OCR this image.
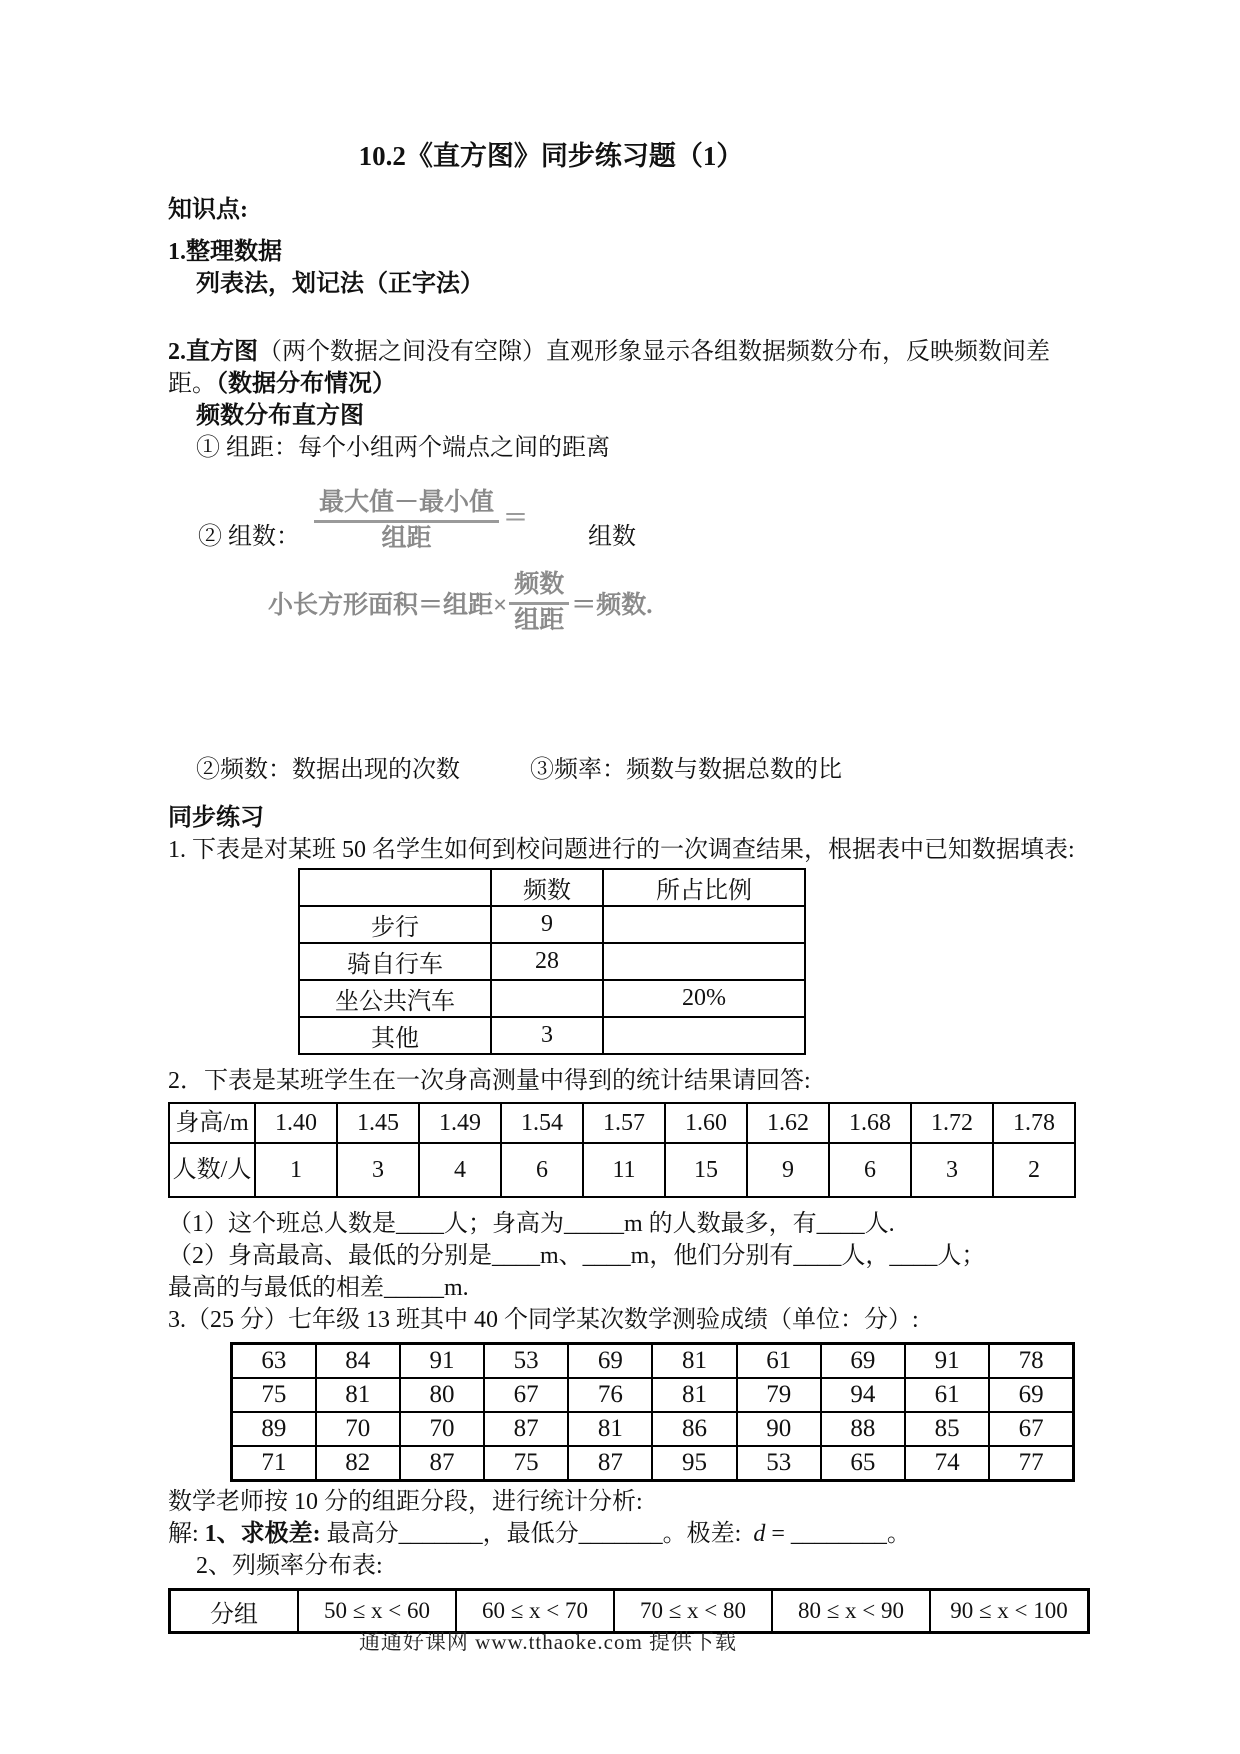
10.2《直方图》同步练习题（1）

知识点:

1.整理数据

列表法，划记法（正字法）

2.直方图（两个数据之间没有空隙）直观形象显示各组数据频数分布，反映频数间差距。（数据分布情况）

频数分布直方图

① 组距：每个小组两个端点之间的距离

② 组数： $\frac{\text{最大值－最小值}}{\text{组距}}$ ＝
组数
小长方形面积＝组距× $\frac{\text{频数}}{\text{组距}}$ ＝频数.

②频数：数据出现的次数	③频率：频数与数据总数的比

同步练习

1. 下表是对某班 50 名学生如何到校问题进行的一次调查结果，根据表中已知数据填表:

	频数	所占比例
步行	9	
骑自行车	28	
坐公共汽车		20%
其他	3	

2．下表是某班学生在一次身高测量中得到的统计结果请回答:

身高/m	1.40	1.45	1.49	1.54	1.57	1.60	1.62	1.68	1.72	1.78
人数/人	1	3	4	6	11	15	9	6	3	2

（1）这个班总人数是____人；身高为_____m 的人数最多，有____人.

（2）身高最高、最低的分别是____m、____m，他们分别有____人，____人；

最高的与最低的相差_____m.

3.（25 分）七年级 13 班其中 40 个同学某次数学测验成绩（单位：分）:

63	84	91	53	69	81	61	69	91	78
75	81	80	67	76	81	79	94	61	69
89	70	70	87	81	86	90	88	85	67
71	82	87	75	87	95	53	65	74	77

数学老师按 10 分的组距分段，进行统计分析:

解: 1、求极差: 最高分_______，最低分_______。极差: d = ________。

2、列频率分布表:

分组	50 ≤ x < 60	60 ≤ x < 70	70 ≤ x < 80	80 ≤ x < 90	90 ≤ x < 100
通通好课网 www.tthaoke.com 提供下载
